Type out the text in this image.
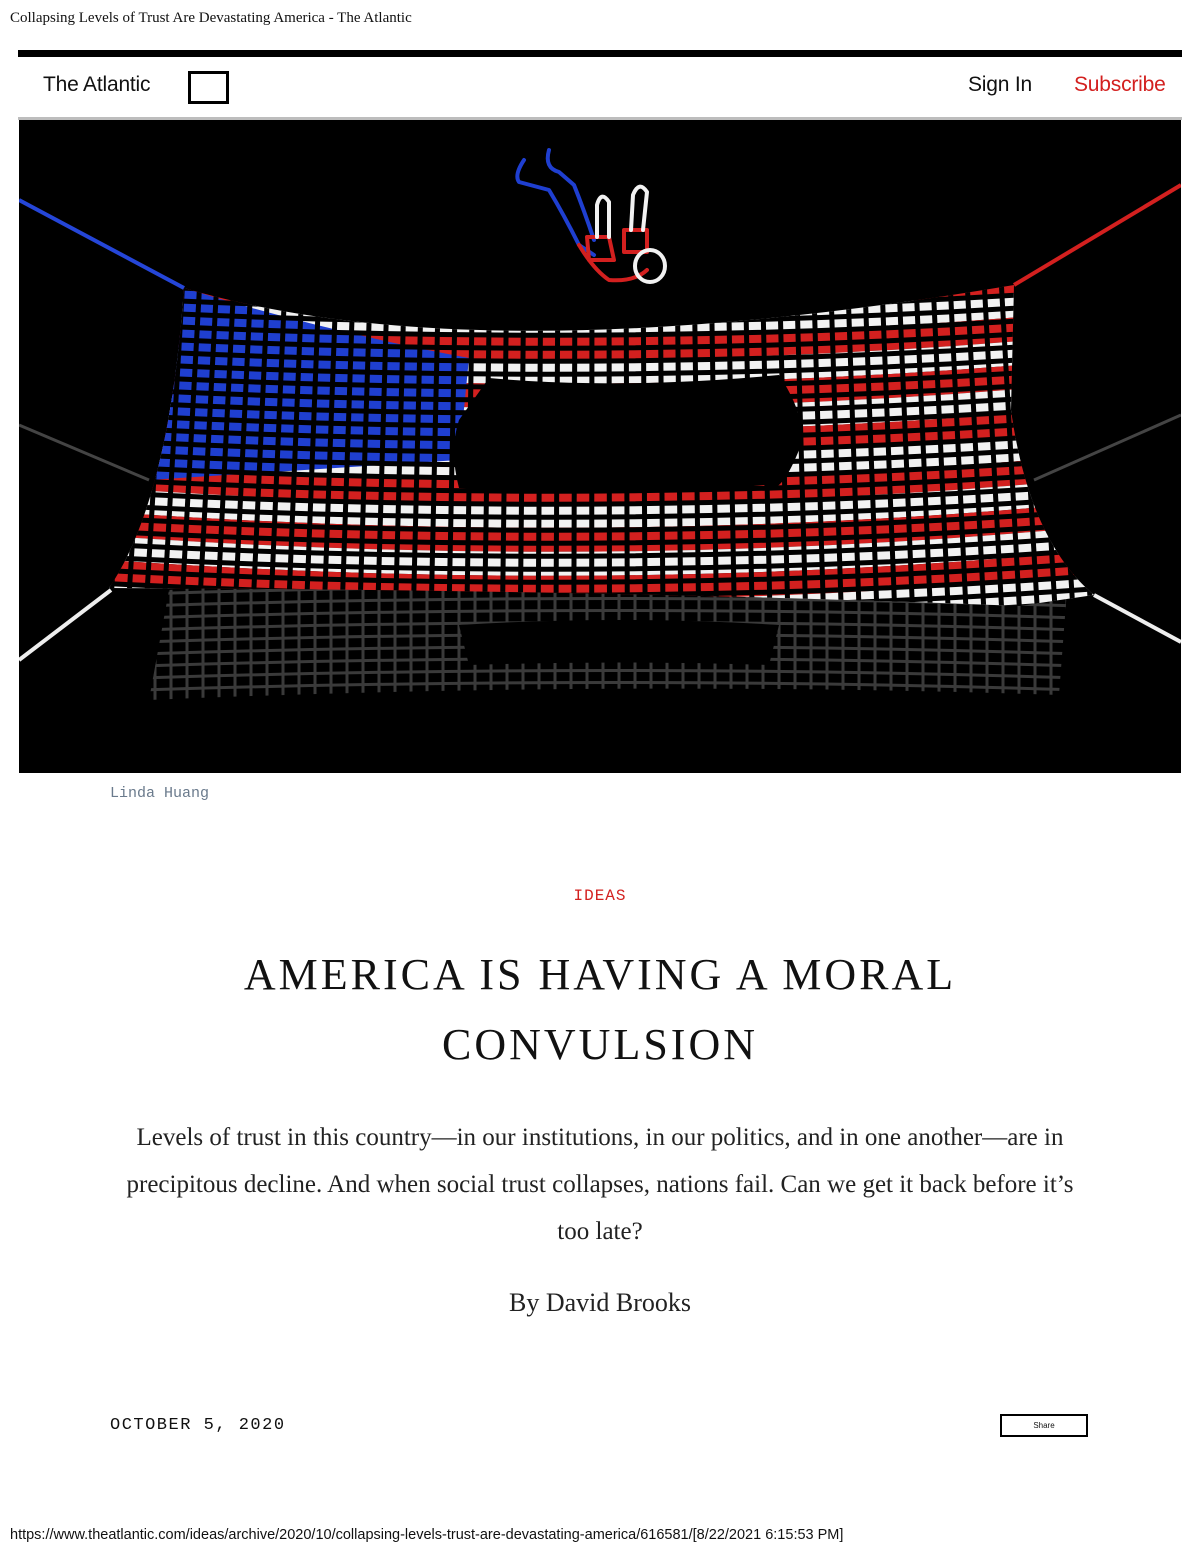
Collapsing Levels of Trust Are Devastating America - The Atlantic
The Atlantic	Sign In Subscribe
Linda Huang
IDEAS
AMERICA IS HAVING A MORAL CONVULSION

Levels of trust in this country—in our institutions, in our politics, and in one another—are in precipitous decline. And when social trust collapses, nations fail. Can we get it back before it’s too late?

By David Brooks
OCTOBER 5, 2020	Share
https://www.theatlantic.com/ideas/archive/2020/10/collapsing-levels-trust-are-devastating-america/616581/[8/22/2021 6:15:53 PM]
